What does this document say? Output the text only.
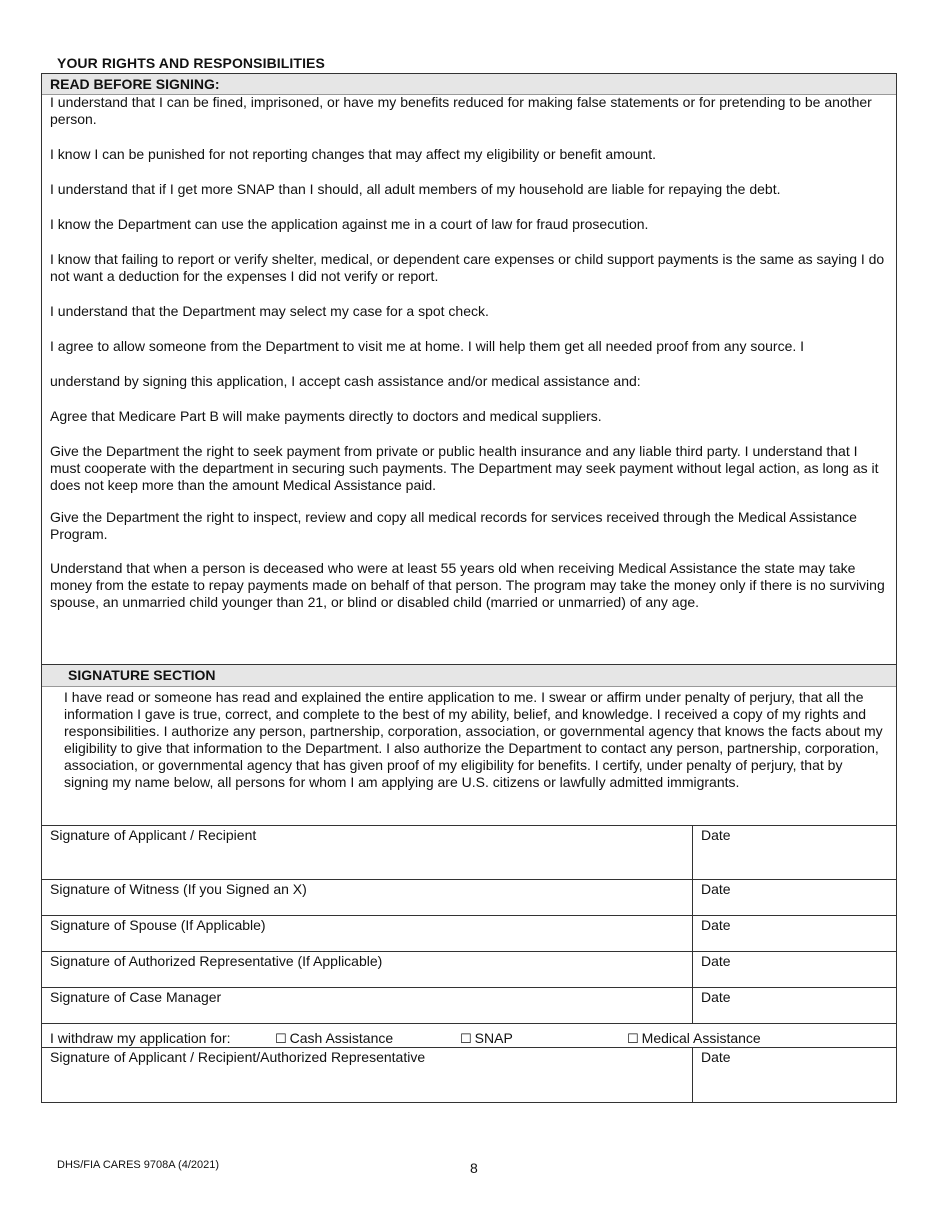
YOUR RIGHTS AND RESPONSIBILITIES
READ BEFORE SIGNING:

I understand that I can be fined, imprisoned, or have my benefits reduced for making false statements or for pretending to be another person.

I know I can be punished for not reporting changes that may affect my eligibility or benefit amount.

I understand that if I get more SNAP than I should, all adult members of my household are liable for repaying the debt.

I know the Department can use the application against me in a court of law for fraud prosecution.

I know that failing to report or verify shelter, medical, or dependent care expenses or child support payments is the same as saying I do not want a deduction for the expenses I did not verify or report.

I understand that the Department may select my case for a spot check.

I agree to allow someone from the Department to visit me at home. I will help them get all needed proof from any source. I

understand by signing this application, I accept cash assistance and/or medical assistance and:

Agree that Medicare Part B will make payments directly to doctors and medical suppliers.

Give the Department the right to seek payment from private or public health insurance and any liable third party. I understand that I must cooperate with the department in securing such payments. The Department may seek payment without legal action, as long as it does not keep more than the amount Medical Assistance paid.

Give the Department the right to inspect, review and copy all medical records for services received through the Medical Assistance Program.

Understand that when a person is deceased who were at least 55 years old when receiving Medical Assistance the state may take money from the estate to repay payments made on behalf of that person. The program may take the money only if there is no surviving spouse, an unmarried child younger than 21, or blind or disabled child (married or unmarried) of any age.

SIGNATURE SECTION

I have read or someone has read and explained the entire application to me. I swear or affirm under penalty of perjury, that all the information I gave is true, correct, and complete to the best of my ability, belief, and knowledge. I received a copy of my rights and responsibilities. I authorize any person, partnership, corporation, association, or governmental agency that knows the facts about my eligibility to give that information to the Department. I also authorize the Department to contact any person, partnership, corporation, association, or governmental agency that has given proof of my eligibility for benefits. I certify, under penalty of perjury, that by signing my name below, all persons for whom I am applying are U.S. citizens or lawfully admitted immigrants.

Signature of Applicant / Recipient	Date
Signature of Witness (If you Signed an X)	Date
Signature of Spouse (If Applicable)	Date
Signature of Authorized Representative (If Applicable)	Date
Signature of Case Manager	Date
I withdraw my application for: ☐ Cash Assistance ☐ SNAP ☐ Medical Assistance	

Signature of Applicant / Recipient/Authorized Representative	Date
DHS/FIA CARES 9708A (4/2021)	8
